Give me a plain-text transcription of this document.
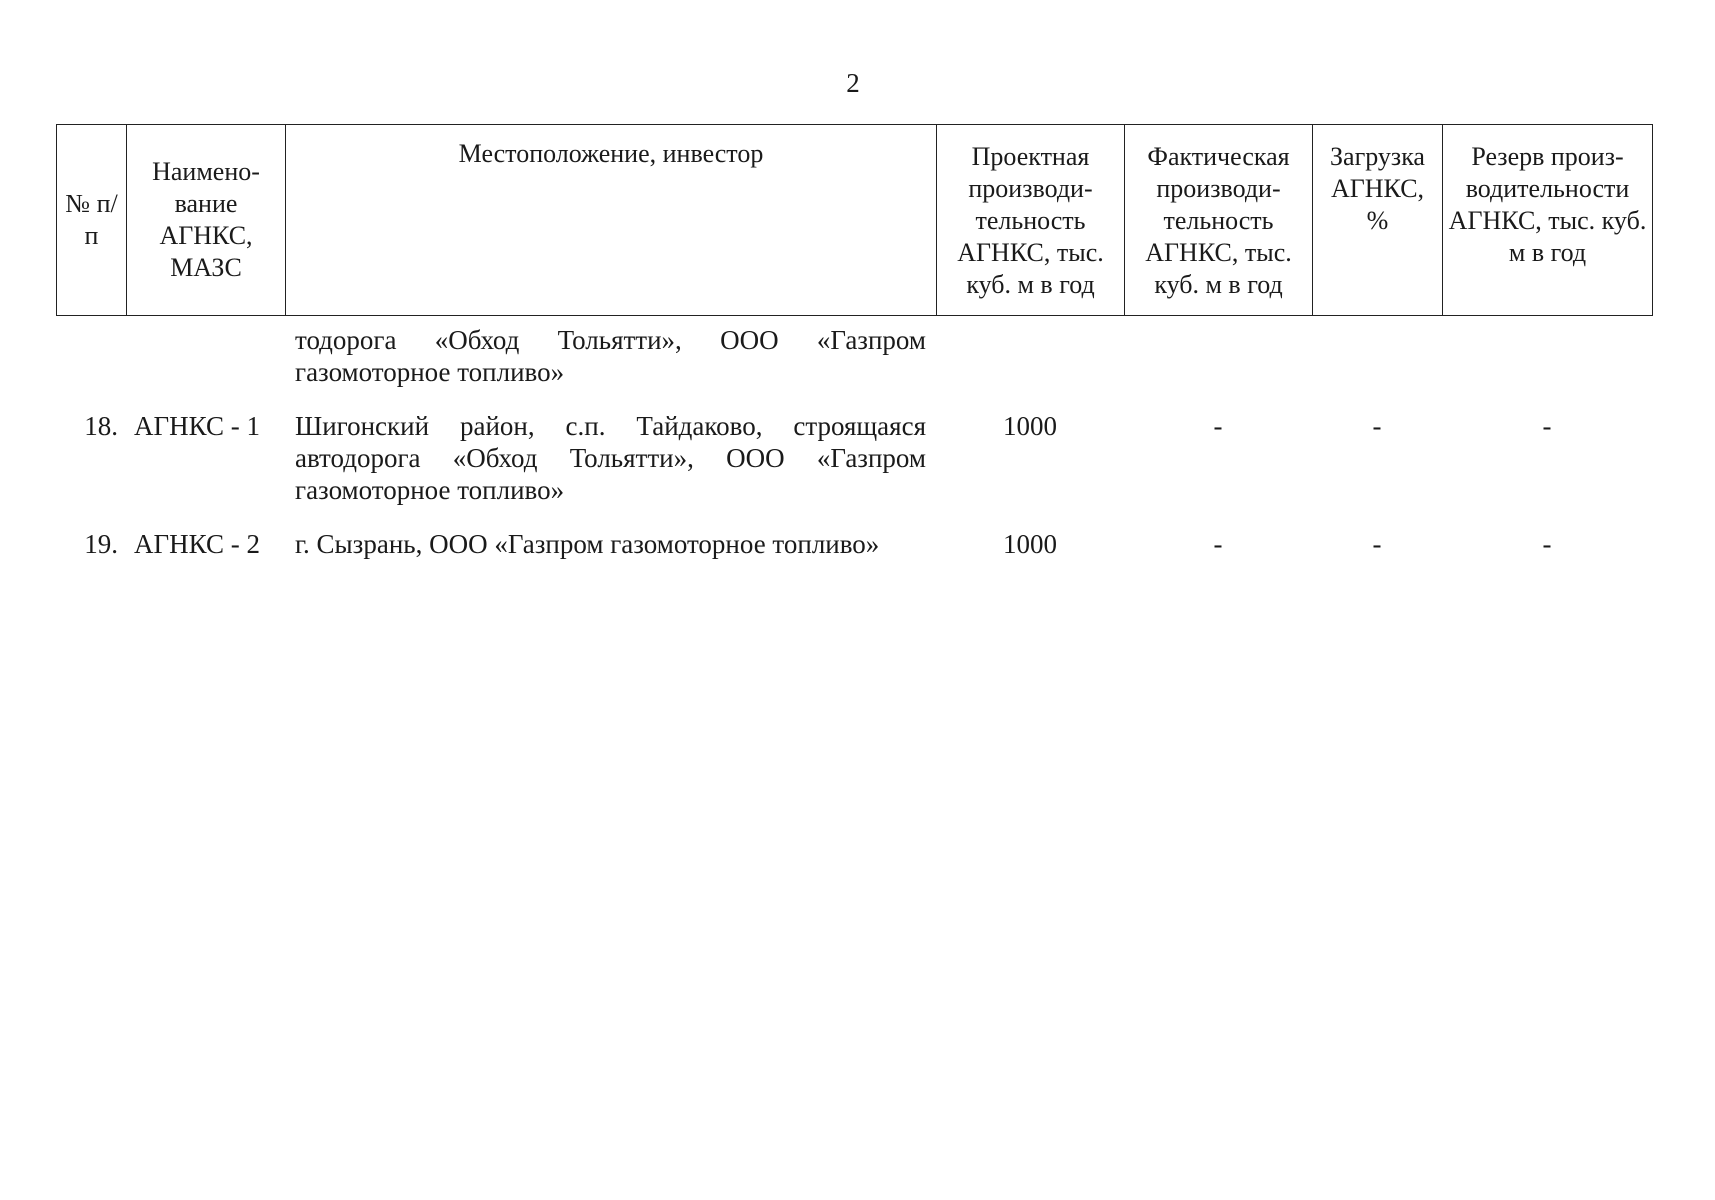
2
№ п/п	Наимено-вание АГНКС, МАЗС	Местоположение, инвестор	Проектная производи-тельность АГНКС, тыс. куб. м в год	Фактическая производи-тельность АГНКС, тыс. куб. м в год	Загрузка АГНКС, %	Резерв произ-водительности АГНКС, тыс. куб. м в год
		тодорога «Обход Тольятти», ООО «Газпром газомоторное топливо»				
18.	АГНКС - 1	Шигонский район, с.п. Тайдаково, строящаяся автодорога «Обход Тольятти», ООО «Газпром газомоторное топливо»	1000	-	-	-
19.	АГНКС - 2	г. Сызрань, ООО «Газпром газомоторное топливо»	1000	-	-	-
